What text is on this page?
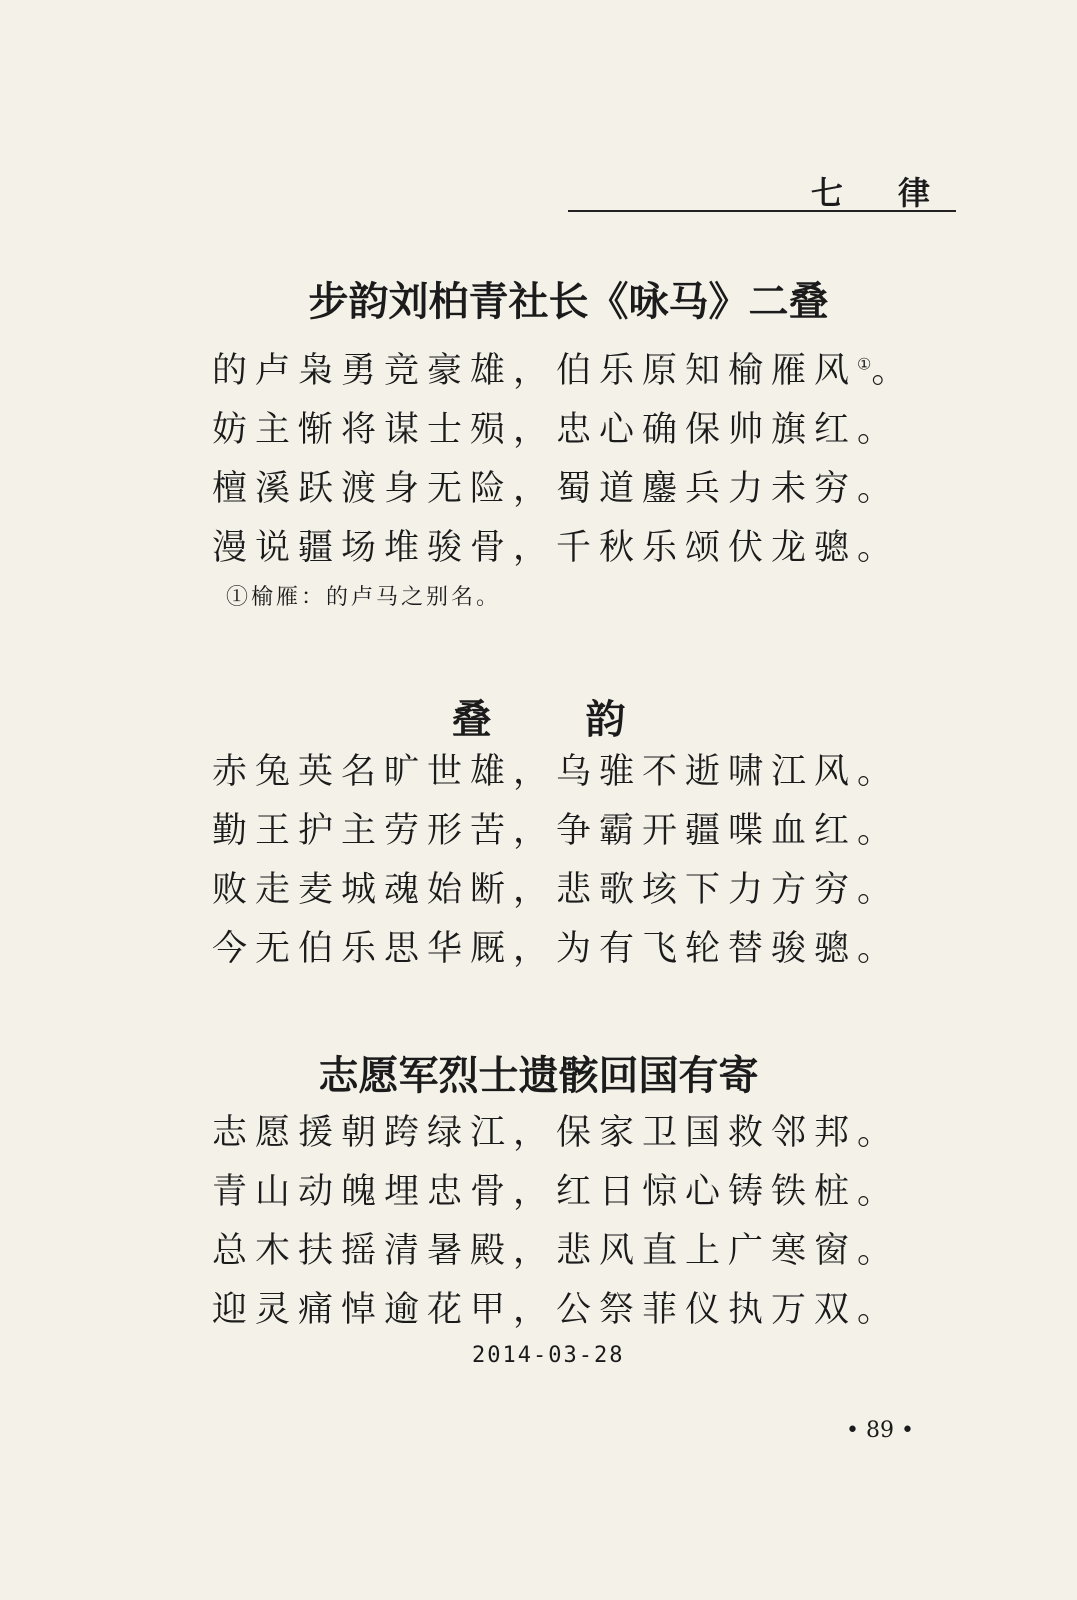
七 律
步韵刘柏青社长《咏马》二叠
的卢枭勇竞豪雄，伯乐原知榆雁风①。
妨主惭将谋士殒，忠心确保帅旗红。
檀溪跃渡身无险，蜀道鏖兵力未穷。
漫说疆场堆骏骨，千秋乐颂伏龙骢。
①榆雁：的卢马之别名。
叠 韵
赤兔英名旷世雄，乌骓不逝啸江风。
勤王护主劳形苦，争霸开疆喋血红。
败走麦城魂始断，悲歌垓下力方穷。
今无伯乐思华厩，为有飞轮替骏骢。
志愿军烈士遗骸回国有寄
志愿援朝跨绿江，保家卫国救邻邦。
青山动魄埋忠骨，红日惊心铸铁桩。
总木扶摇清暑殿，悲风直上广寒窗。
迎灵痛悼逾花甲，公祭菲仪执万双。
2014-03-28
• 89 •
